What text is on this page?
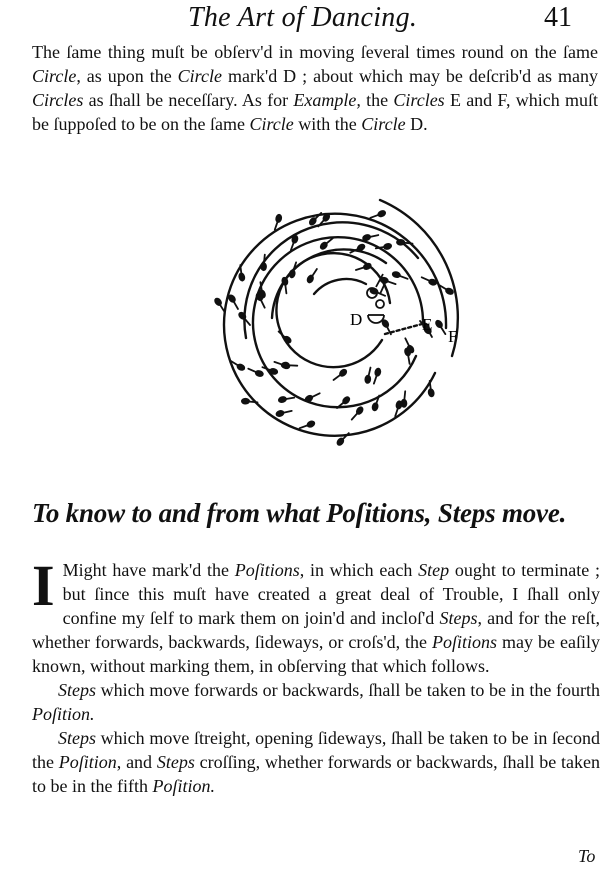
The Art of Dancing.	41

The ſame thing muſt be obſerv'd in moving ſeveral times round on the ſame Circle, as upon the Circle mark'd D ; about which may be deſcrib'd as many Circles as ſhall be neceſſary. As for Example, the Circles E and F, which muſt be ſuppoſed to be on the ſame Circle with the Circle D.

D	E
F
To know to and from what Poſitions, Steps move.

I Might have mark'd the Poſitions, in which each Step ought to terminate ; but ſince this muſt have created a great deal of Trouble, I ſhall only confine my ſelf to mark them on join'd and incloſ'd Steps, and for the reſt, whether forwards, backwards, ſideways, or croſs'd, the Poſitions may be eaſily known, without marking them, in obſerving that which follows.

Steps which move forwards or backwards, ſhall be taken to be in the fourth Poſition.

Steps which move ſtreight, opening ſideways, ſhall be taken to be in ſecond the Poſition, and Steps croſſing, whether forwards or backwards, ſhall be taken to be in the fifth Poſition.

To
